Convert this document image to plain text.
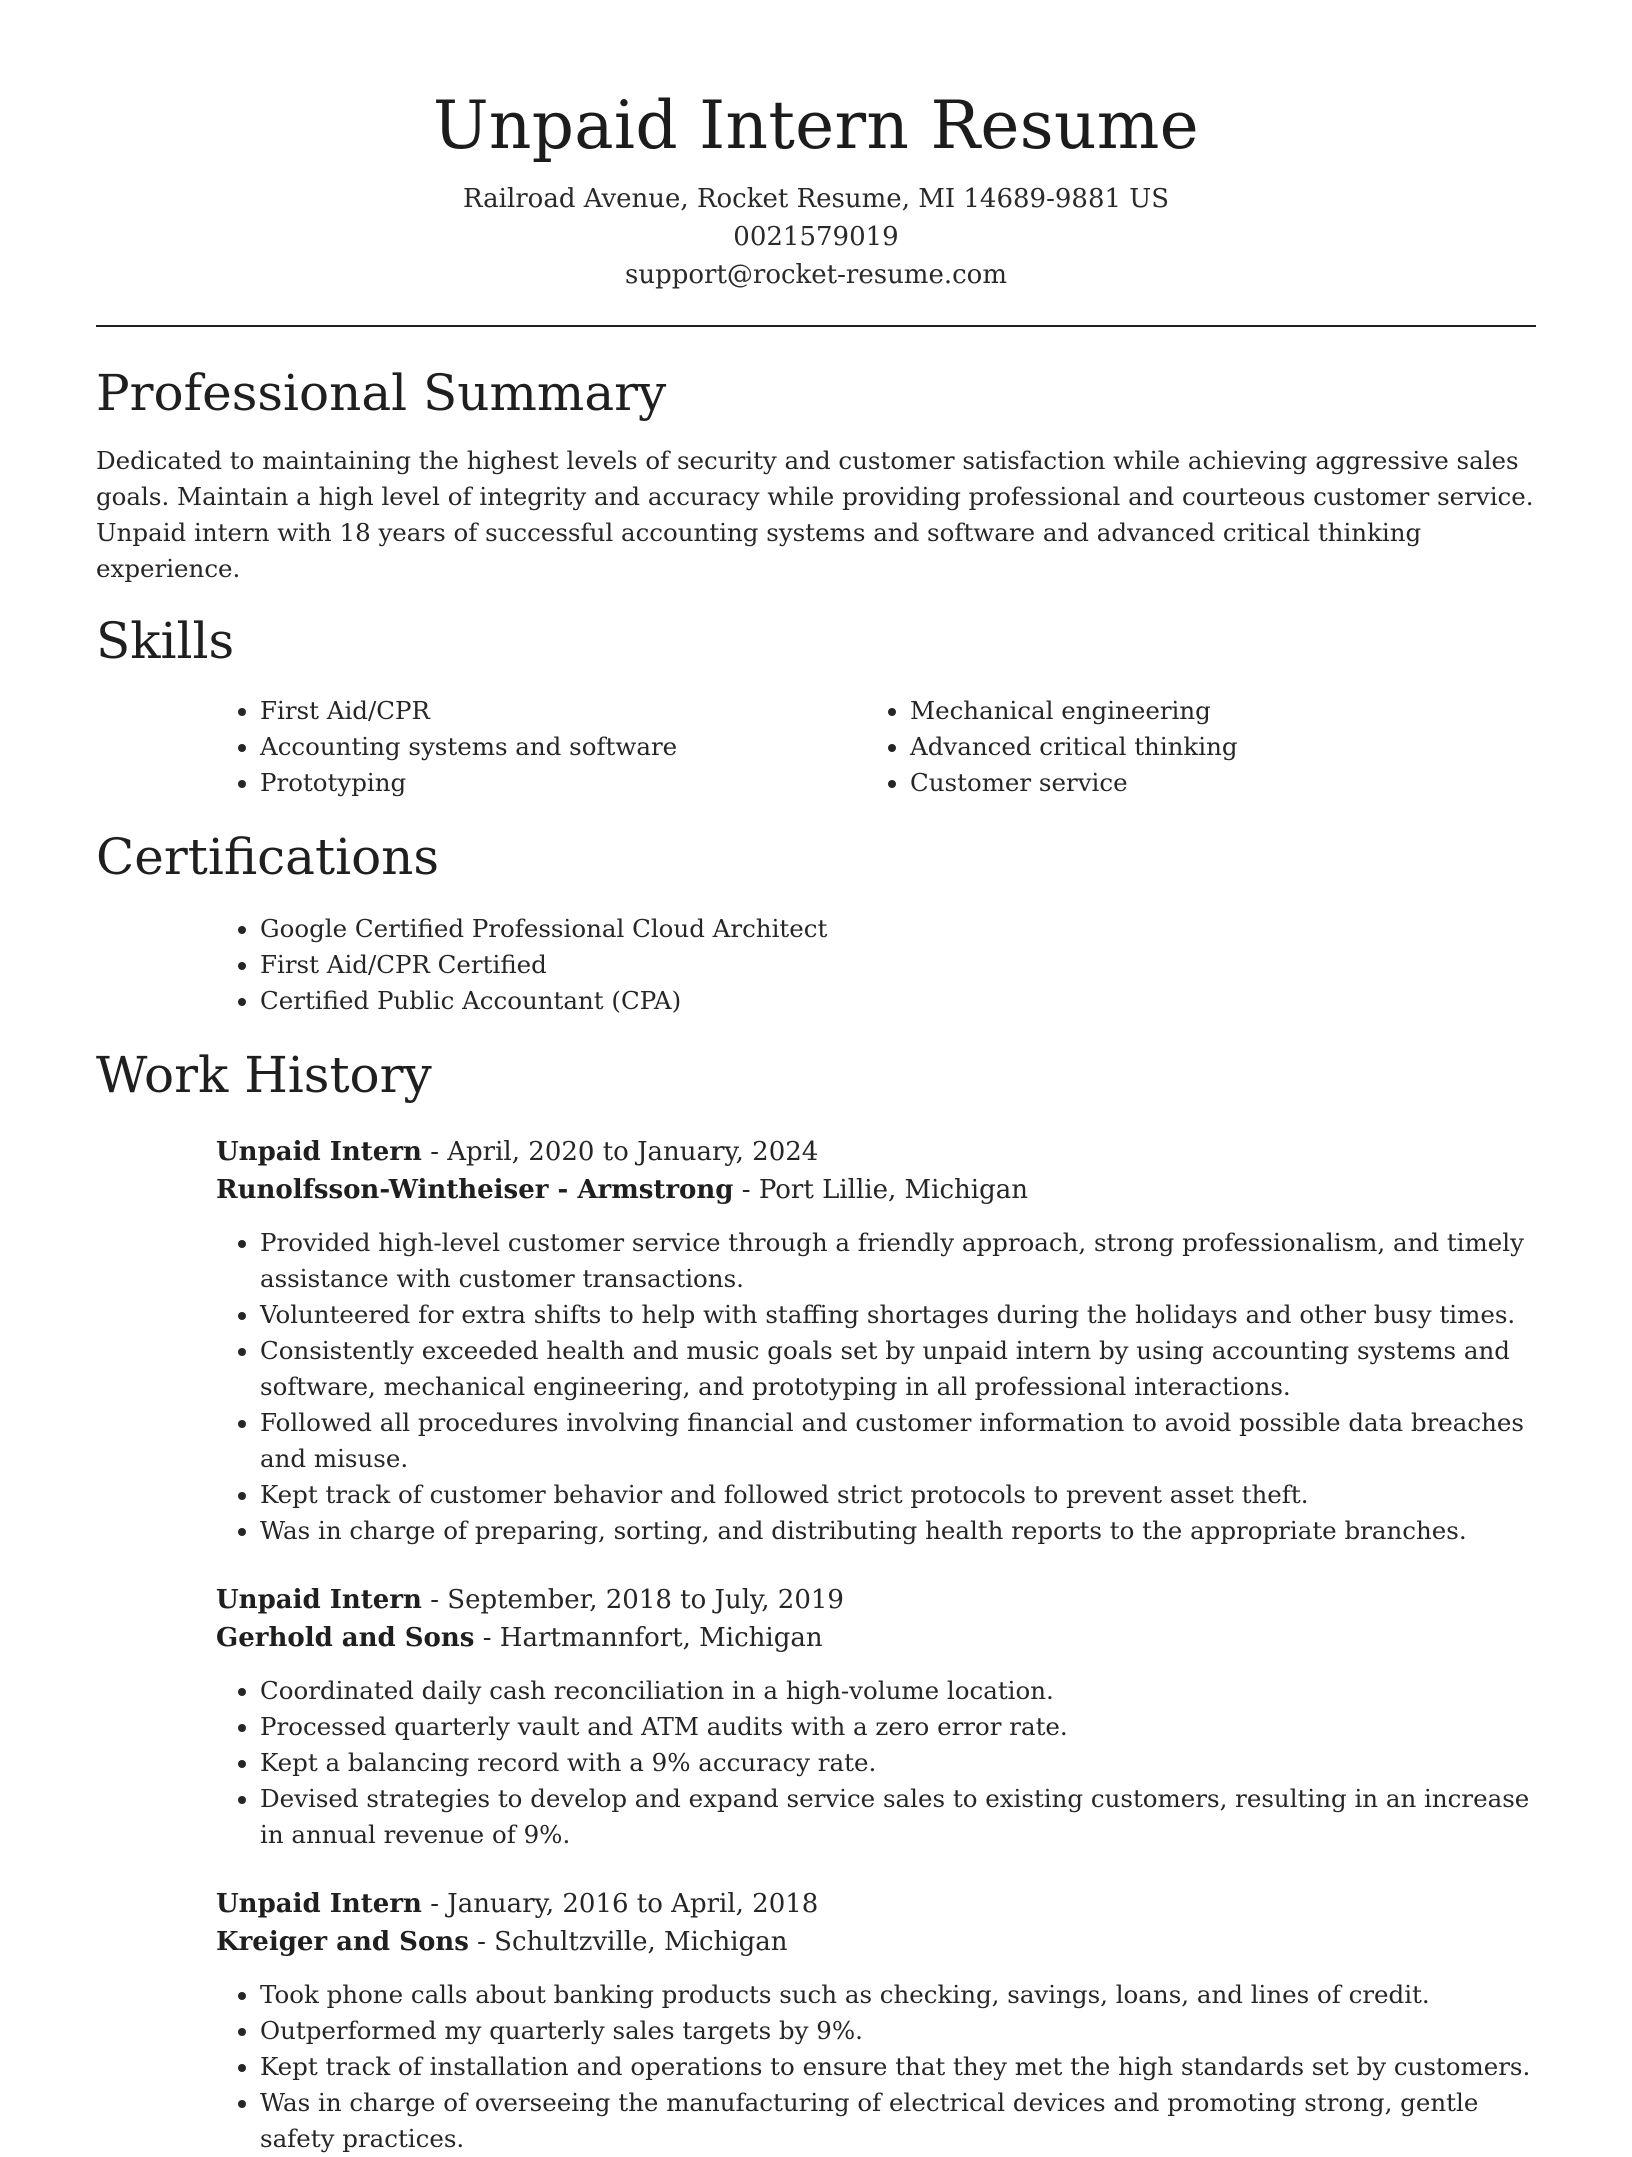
Unpaid Intern Resume
Railroad Avenue, Rocket Resume, MI 14689-9881 US
0021579019
support@rocket-resume.com
Professional Summary

Dedicated to maintaining the highest levels of security and customer satisfaction while achieving aggressive sales goals. Maintain a high level of integrity and accuracy while providing professional and courteous customer service. Unpaid intern with 18 years of successful accounting systems and software and advanced critical thinking experience.

Skills
• First Aid/CPR
• Accounting systems and software
• Prototyping
• Mechanical engineering
• Advanced critical thinking
• Customer service
Certifications
• Google Certified Professional Cloud Architect
• First Aid/CPR Certified
• Certified Public Accountant (CPA)
Work History
Unpaid Intern - April, 2020 to January, 2024
Runolfsson-Wintheiser - Armstrong - Port Lillie, Michigan
• Provided high-level customer service through a friendly approach, strong professionalism, and timely assistance with customer transactions.
• Volunteered for extra shifts to help with staffing shortages during the holidays and other busy times.
• Consistently exceeded health and music goals set by unpaid intern by using accounting systems and software, mechanical engineering, and prototyping in all professional interactions.
• Followed all procedures involving financial and customer information to avoid possible data breaches and misuse.
• Kept track of customer behavior and followed strict protocols to prevent asset theft.
• Was in charge of preparing, sorting, and distributing health reports to the appropriate branches.
Unpaid Intern - September, 2018 to July, 2019
Gerhold and Sons - Hartmannfort, Michigan
• Coordinated daily cash reconciliation in a high-volume location.
• Processed quarterly vault and ATM audits with a zero error rate.
• Kept a balancing record with a 9% accuracy rate.
• Devised strategies to develop and expand service sales to existing customers, resulting in an increase in annual revenue of 9%.
Unpaid Intern - January, 2016 to April, 2018
Kreiger and Sons - Schultzville, Michigan
• Took phone calls about banking products such as checking, savings, loans, and lines of credit.
• Outperformed my quarterly sales targets by 9%.
• Kept track of installation and operations to ensure that they met the high standards set by customers.
• Was in charge of overseeing the manufacturing of electrical devices and promoting strong, gentle safety practices.
